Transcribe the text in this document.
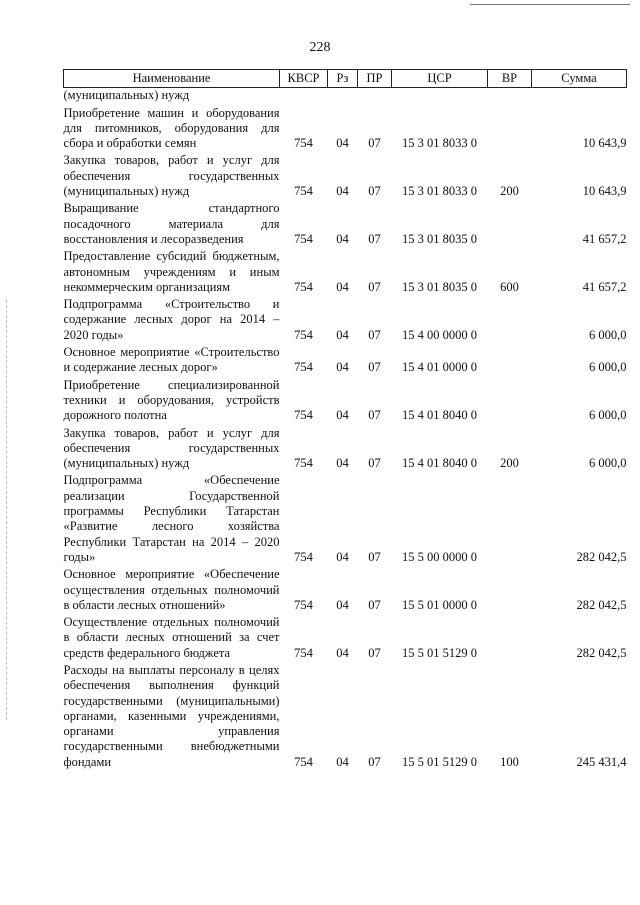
228
Наименование	КВСР	Рз	ПР	ЦСР	ВР	Сумма
(муниципальных) нужд						
Приобретение машин и оборудования для питомников, оборудования для сбора и обработки семян	754	04	07	15 3 01 8033 0		10 643,9
Закупка товаров, работ и услуг для обеспечения государственных (муниципальных) нужд	754	04	07	15 3 01 8033 0	200	10 643,9
Выращивание стандартного посадочного материала для восстановления и лесоразведения	754	04	07	15 3 01 8035 0		41 657,2
Предоставление субсидий бюджетным, автономным учреждениям и иным некоммерческим организациям	754	04	07	15 3 01 8035 0	600	41 657,2
Подпрограмма «Строительство и содержание лесных дорог на 2014 – 2020 годы»	754	04	07	15 4 00 0000 0		6 000,0
Основное мероприятие «Строительство и содержание лесных дорог»	754	04	07	15 4 01 0000 0		6 000,0
Приобретение специализированной техники и оборудования, устройств дорожного полотна	754	04	07	15 4 01 8040 0		6 000,0
Закупка товаров, работ и услуг для обеспечения государственных (муниципальных) нужд	754	04	07	15 4 01 8040 0	200	6 000,0
Подпрограмма «Обеспечение реализации Государственной программы Республики Татарстан «Развитие лесного хозяйства Республики Татарстан на 2014 – 2020 годы»	754	04	07	15 5 00 0000 0		282 042,5
Основное мероприятие «Обеспечение осуществления отдельных полномочий в области лесных отношений»	754	04	07	15 5 01 0000 0		282 042,5
Осуществление отдельных полномочий в области лесных отношений за счет средств федерального бюджета	754	04	07	15 5 01 5129 0		282 042,5
Расходы на выплаты персоналу в целях обеспечения выполнения функций государственными (муниципальными) органами, казенными учреждениями, органами управления государственными внебюджетными фондами	754	04	07	15 5 01 5129 0	100	245 431,4
